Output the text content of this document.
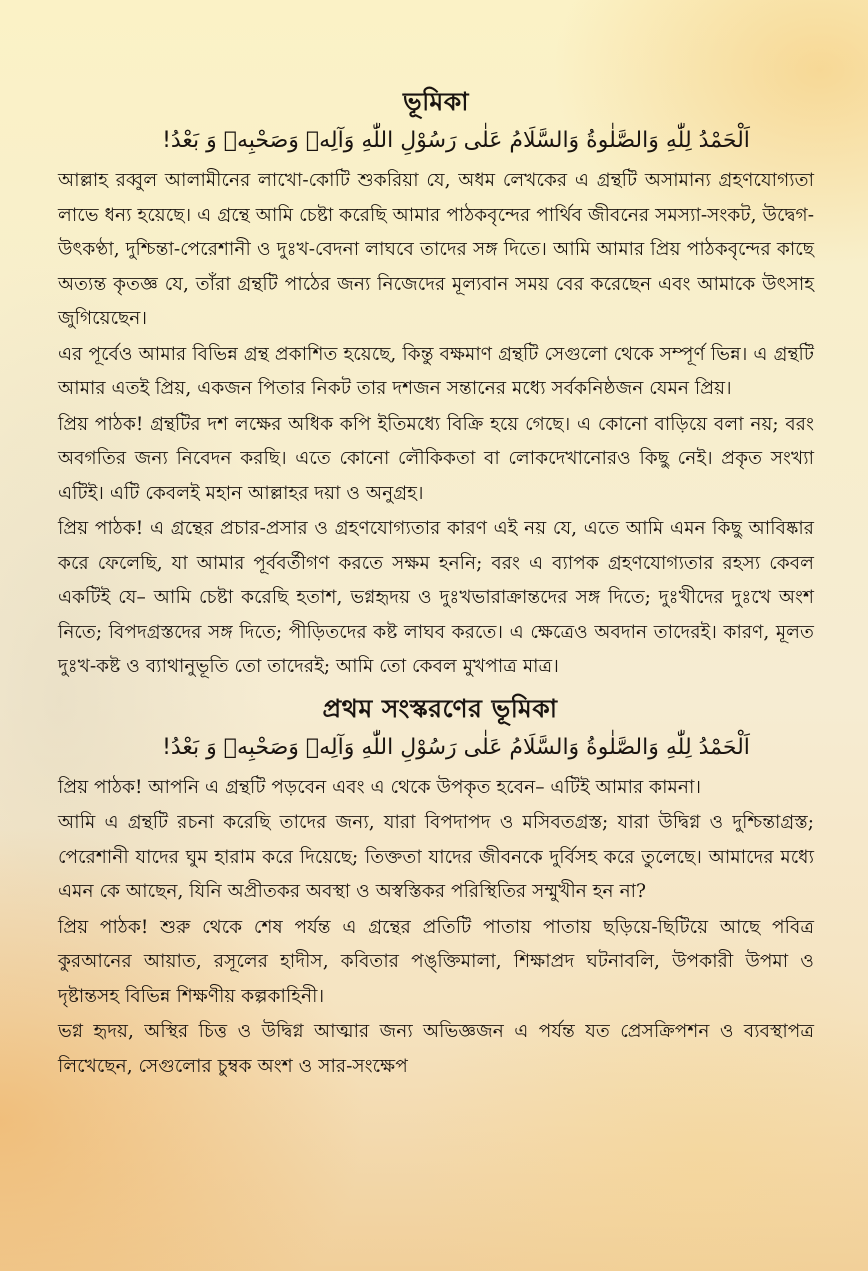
ভূমিকা

اَلْحَمْدُ لِلّٰهِ وَالصَّلٰوةُ وَالسَّلَامُ عَلٰى رَسُوْلِ اللّٰهِ وَآلِهٖ وَصَحْبِهٖ وَ بَعْدُ!

আল্লাহ রব্বুল আলামীনের লাখো-কোটি শুকরিয়া যে, অধম লেখকের এ গ্রন্থটি অসামান্য গ্রহণযোগ্যতা লাভে ধন্য হয়েছে। এ গ্রন্থে আমি চেষ্টা করেছি আমার পাঠকবৃন্দের পার্থিব জীবনের সমস্যা-সংকট, উদ্বেগ-উৎকণ্ঠা, দুশ্চিন্তা-পেরেশানী ও দুঃখ-বেদনা লাঘবে তাদের সঙ্গ দিতে। আমি আমার প্রিয় পাঠকবৃন্দের কাছে অত্যন্ত কৃতজ্ঞ যে, তাঁরা গ্রন্থটি পাঠের জন্য নিজেদের মূল্যবান সময় বের করেছেন এবং আমাকে উৎসাহ জুগিয়েছেন।

এর পূর্বেও আমার বিভিন্ন গ্রন্থ প্রকাশিত হয়েছে, কিন্তু বক্ষমাণ গ্রন্থটি সেগুলো থেকে সম্পূর্ণ ভিন্ন। এ গ্রন্থটি আমার এতই প্রিয়, একজন পিতার নিকট তার দশজন সন্তানের মধ্যে সর্বকনিষ্ঠজন যেমন প্রিয়।

প্রিয় পাঠক! গ্রন্থটির দশ লক্ষের অধিক কপি ইতিমধ্যে বিক্রি হয়ে গেছে। এ কোনো বাড়িয়ে বলা নয়; বরং অবগতির জন্য নিবেদন করছি। এতে কোনো লৌকিকতা বা লোকদেখানোরও কিছু নেই। প্রকৃত সংখ্যা এটিই। এটি কেবলই মহান আল্লাহর দয়া ও অনুগ্রহ।

প্রিয় পাঠক! এ গ্রন্থের প্রচার-প্রসার ও গ্রহণযোগ্যতার কারণ এই নয় যে, এতে আমি এমন কিছু আবিষ্কার করে ফেলেছি, যা আমার পূর্ববর্তীগণ করতে সক্ষম হননি; বরং এ ব্যাপক গ্রহণযোগ্যতার রহস্য কেবল একটিই যে– আমি চেষ্টা করেছি হতাশ, ভগ্নহৃদয় ও দুঃখভারাক্রান্তদের সঙ্গ দিতে; দুঃখীদের দুঃখে অংশ নিতে; বিপদগ্রস্তদের সঙ্গ দিতে; পীড়িতদের কষ্ট লাঘব করতে। এ ক্ষেত্রেও অবদান তাদেরই। কারণ, মূলত দুঃখ-কষ্ট ও ব্যাথানুভূতি তো তাদেরই; আমি তো কেবল মুখপাত্র মাত্র।

প্রথম সংস্করণের ভূমিকা

اَلْحَمْدُ لِلّٰهِ وَالصَّلٰوةُ وَالسَّلَامُ عَلٰى رَسُوْلِ اللّٰهِ وَآلِهٖ وَصَحْبِهٖ وَ بَعْدُ!

প্রিয় পাঠক! আপনি এ গ্রন্থটি পড়বেন এবং এ থেকে উপকৃত হবেন– এটিই আমার কামনা।

আমি এ গ্রন্থটি রচনা করেছি তাদের জন্য, যারা বিপদাপদ ও মসিবতগ্রস্ত; যারা উদ্বিগ্ন ও দুশ্চিন্তাগ্রস্ত; পেরেশানী যাদের ঘুম হারাম করে দিয়েছে; তিক্ততা যাদের জীবনকে দুর্বিসহ করে তুলেছে। আমাদের মধ্যে এমন কে আছেন, যিনি অপ্রীতকর অবস্থা ও অস্বস্তিকর পরিস্থিতির সম্মুখীন হন না?

প্রিয় পাঠক! শুরু থেকে শেষ পর্যন্ত এ গ্রন্থের প্রতিটি পাতায় পাতায় ছড়িয়ে-ছিটিয়ে আছে পবিত্র কুরআনের আয়াত, রসূলের হাদীস, কবিতার পঙ্‌ক্তিমালা, শিক্ষাপ্রদ ঘটনাবলি, উপকারী উপমা ও দৃষ্টান্তসহ বিভিন্ন শিক্ষণীয় কল্পকাহিনী।

ভগ্ন হৃদয়, অস্থির চিত্ত ও উদ্বিগ্ন আত্মার জন্য অভিজ্ঞজন এ পর্যন্ত যত প্রেসক্রিপশন ও ব্যবস্থাপত্র লিখেছেন, সেগুলোর চুম্বক অংশ ও সার-সংক্ষেপ
